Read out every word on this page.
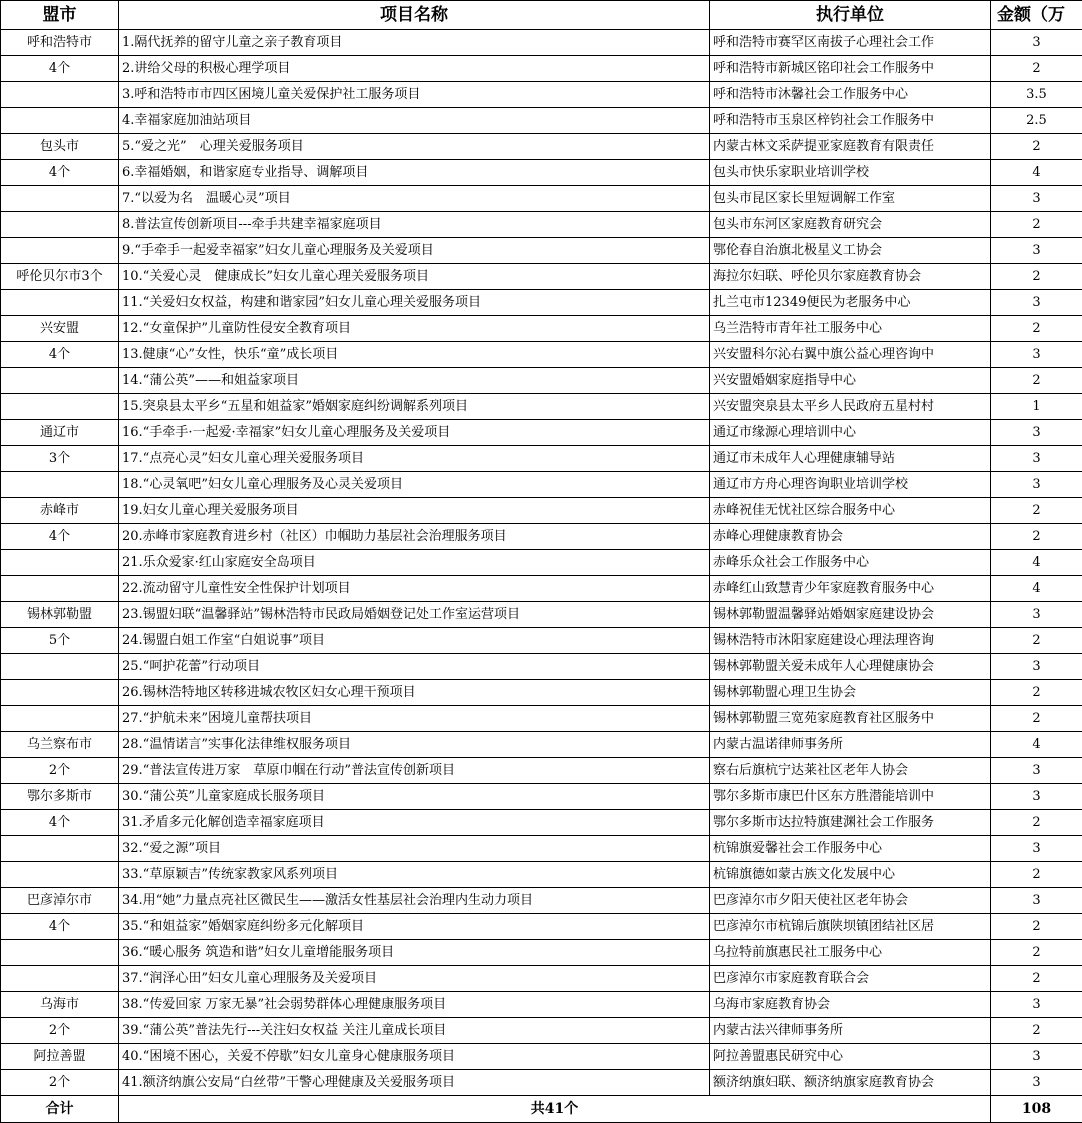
盟市	项目名称	执行单位	金额（万
呼和浩特市	1.隔代抚养的留守儿童之亲子教育项目	呼和浩特市赛罕区南拔子心理社会工作	3
4个	2.讲给父母的积极心理学项目	呼和浩特市新城区铭印社会工作服务中	2
	3.呼和浩特市市四区困境儿童关爱保护社工服务项目	呼和浩特市沐馨社会工作服务中心	3.5
	4.幸福家庭加油站项目	呼和浩特市玉泉区梓钧社会工作服务中	2.5
包头市	5.“爱之光”　心理关爱服务项目	内蒙古林文采萨提亚家庭教育有限责任	2
4个	6.幸福婚姻，和谐家庭专业指导、调解项目	包头市快乐家职业培训学校	4
	7.“以爱为名　温暖心灵”项目	包头市昆区家长里短调解工作室	3
	8.普法宣传创新项目---牵手共建幸福家庭项目	包头市东河区家庭教育研究会	2
	9.“手牵手一起爱幸福家”妇女儿童心理服务及关爱项目	鄂伦春自治旗北极星义工协会	3
呼伦贝尔市3个	10.“关爱心灵　健康成长”妇女儿童心理关爱服务项目	海拉尔妇联、呼伦贝尔家庭教育协会	2
	11.“关爱妇女权益，构建和谐家园”妇女儿童心理关爱服务项目	扎兰屯市12349便民为老服务中心	3
兴安盟	12.“女童保护”儿童防性侵安全教育项目	乌兰浩特市青年社工服务中心	2
4个	13.健康“心”女性，快乐“童”成长项目	兴安盟科尔沁右翼中旗公益心理咨询中	3
	14.“蒲公英”——和姐益家项目	兴安盟婚姻家庭指导中心	2
	15.突泉县太平乡“五星和姐益家”婚姻家庭纠纷调解系列项目	兴安盟突泉县太平乡人民政府五星村村	1
通辽市	16.“手牵手·一起爱·幸福家”妇女儿童心理服务及关爱项目	通辽市缘源心理培训中心	3
3个	17.“点亮心灵”妇女儿童心理关爱服务项目	通辽市未成年人心理健康辅导站	3
	18.“心灵氧吧”妇女儿童心理服务及心灵关爱项目	通辽市方舟心理咨询职业培训学校	3
赤峰市	19.妇女儿童心理关爱服务项目	赤峰祝佳无忧社区综合服务中心	2
4个	20.赤峰市家庭教育进乡村（社区）巾帼助力基层社会治理服务项目	赤峰心理健康教育协会	2
	21.乐众爱家·红山家庭安全岛项目	赤峰乐众社会工作服务中心	4
	22.流动留守儿童性安全性保护计划项目	赤峰红山致慧青少年家庭教育服务中心	4
锡林郭勒盟	23.锡盟妇联“温馨驿站”锡林浩特市民政局婚姻登记处工作室运营项目	锡林郭勒盟温馨驿站婚姻家庭建设协会	3
5个	24.锡盟白姐工作室“白姐说事”项目	锡林浩特市沐阳家庭建设心理法理咨询	2
	25.“呵护花蕾”行动项目	锡林郭勒盟关爱未成年人心理健康协会	3
	26.锡林浩特地区转移进城农牧区妇女心理干预项目	锡林郭勒盟心理卫生协会	2
	27.“护航未来”困境儿童帮扶项目	锡林郭勒盟三宽苑家庭教育社区服务中	2
乌兰察布市	28.“温情诺言”实事化法律维权服务项目	内蒙古温诺律师事务所	4
2个	29.“普法宣传进万家　草原巾帼在行动”普法宣传创新项目	察右后旗杭宁达莱社区老年人协会	3
鄂尔多斯市	30.“蒲公英”儿童家庭成长服务项目	鄂尔多斯市康巴什区东方胜潜能培训中	3
4个	31.矛盾多元化解创造幸福家庭项目	鄂尔多斯市达拉特旗建渊社会工作服务	2
	32.“爱之源”项目	杭锦旗爱馨社会工作服务中心	3
	33.“草原颖吉”传统家教家风系列项目	杭锦旗德如蒙古族文化发展中心	2
巴彦淖尔市	34.用“她”力量点亮社区微民生——激活女性基层社会治理内生动力项目	巴彦淖尔市夕阳天使社区老年协会	3
4个	35.“和姐益家”婚姻家庭纠纷多元化解项目	巴彦淖尔市杭锦后旗陕坝镇团结社区居	2
	36.“暖心服务 筑造和谐”妇女儿童增能服务项目	乌拉特前旗惠民社工服务中心	2
	37.“润泽心田”妇女儿童心理服务及关爱项目	巴彦淖尔市家庭教育联合会	2
乌海市	38.“传爱回家 万家无暴”社会弱势群体心理健康服务项目	乌海市家庭教育协会	3
2个	39.“蒲公英”普法先行---关注妇女权益 关注儿童成长项目	内蒙古法兴律师事务所	2
阿拉善盟	40.“困境不困心，关爱不停歇”妇女儿童身心健康服务项目	阿拉善盟惠民研究中心	3
2个	41.额济纳旗公安局“白丝带”干警心理健康及关爱服务项目	额济纳旗妇联、额济纳旗家庭教育协会	3
合计	共41个		108
